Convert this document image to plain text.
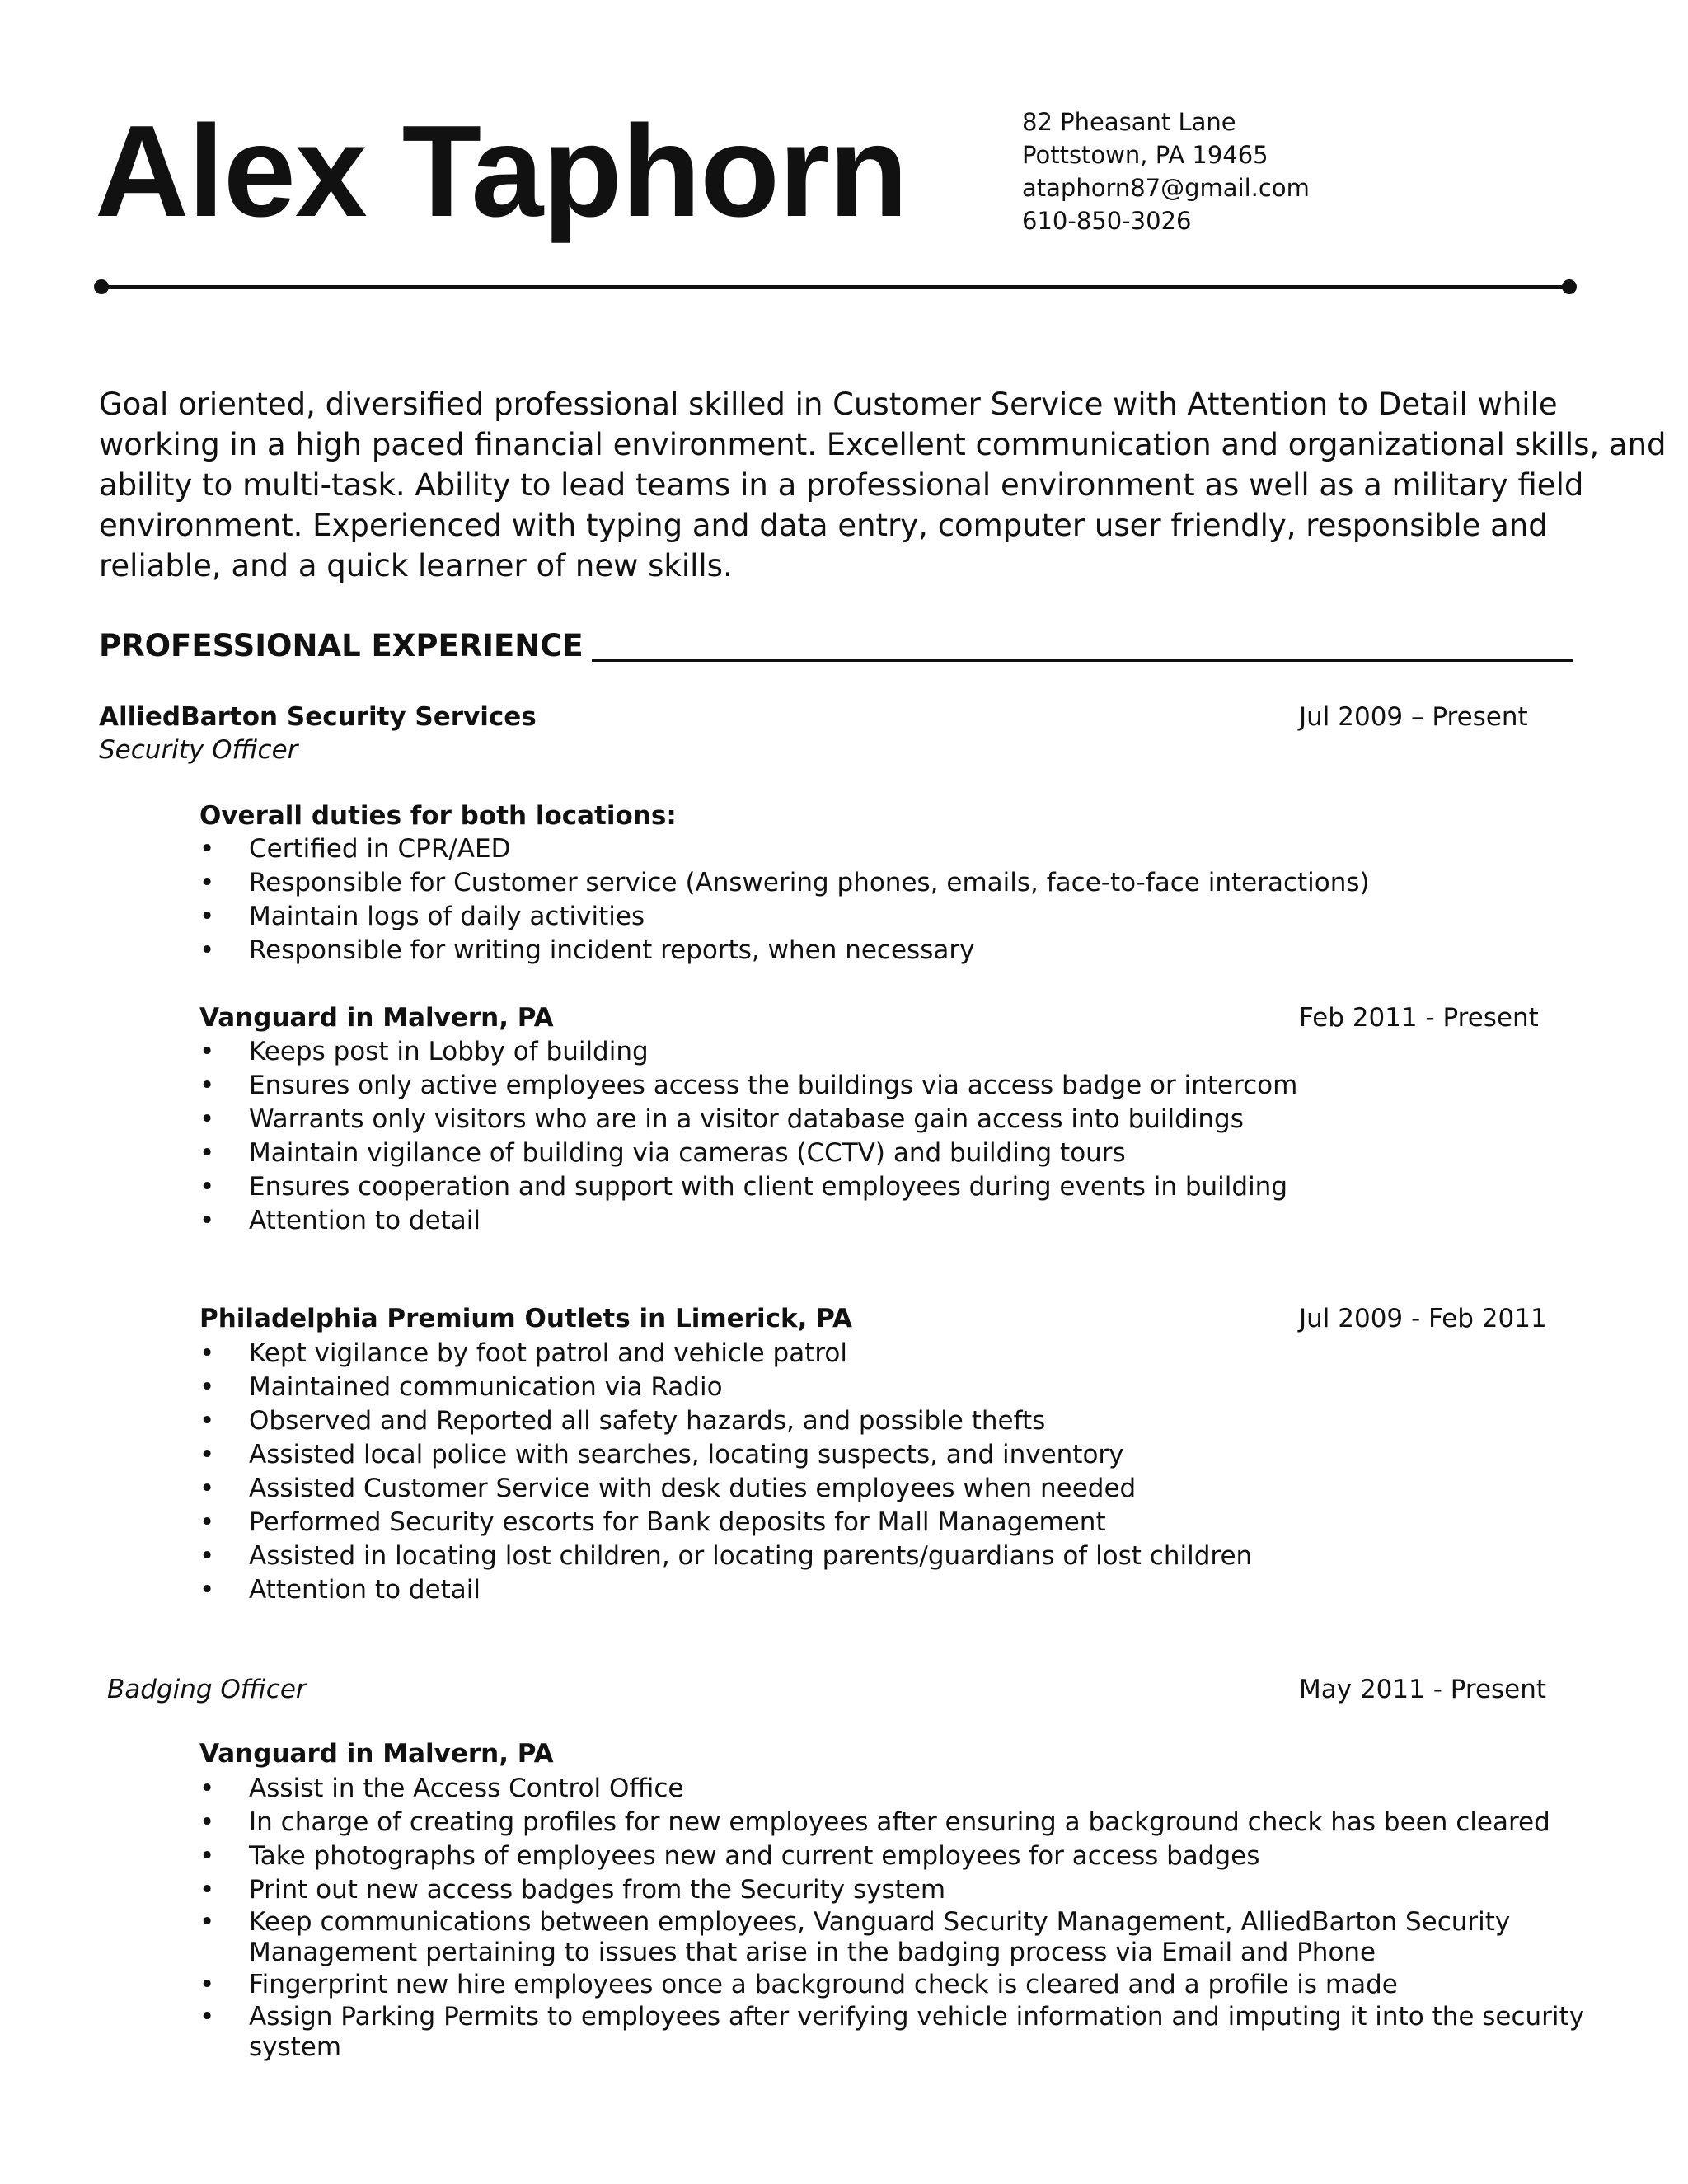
Alex Taphorn	82 Pheasant Lane
Pottstown, PA 19465
ataphorn87@gmail.com
610-850-3026
Goal oriented, diversified professional skilled in Customer Service with Attention to Detail while
working in a high paced financial environment. Excellent communication and organizational skills, and
ability to multi-task. Ability to lead teams in a professional environment as well as a military field
environment. Experienced with typing and data entry, computer user friendly, responsible and
reliable, and a quick learner of new skills.
PROFESSIONAL EXPERIENCE
AlliedBarton Security Services	Jul 2009 – Present
Security Officer
Overall duties for both locations:
• Certified in CPR/AED
• Responsible for Customer service (Answering phones, emails, face-to-face interactions)
• Maintain logs of daily activities
• Responsible for writing incident reports, when necessary
Vanguard in Malvern, PA	Feb 2011 - Present
• Keeps post in Lobby of building
• Ensures only active employees access the buildings via access badge or intercom
• Warrants only visitors who are in a visitor database gain access into buildings
• Maintain vigilance of building via cameras (CCTV) and building tours
• Ensures cooperation and support with client employees during events in building
• Attention to detail
Philadelphia Premium Outlets in Limerick, PA	Jul 2009 - Feb 2011
• Kept vigilance by foot patrol and vehicle patrol
• Maintained communication via Radio
• Observed and Reported all safety hazards, and possible thefts
• Assisted local police with searches, locating suspects, and inventory
• Assisted Customer Service with desk duties employees when needed
• Performed Security escorts for Bank deposits for Mall Management
• Assisted in locating lost children, or locating parents/guardians of lost children
• Attention to detail
Badging Officer	May 2011 - Present
Vanguard in Malvern, PA
• Assist in the Access Control Office
• In charge of creating profiles for new employees after ensuring a background check has been cleared
• Take photographs of employees new and current employees for access badges
• Print out new access badges from the Security system
• Keep communications between employees, Vanguard Security Management, AlliedBarton Security
Management pertaining to issues that arise in the badging process via Email and Phone
• Fingerprint new hire employees once a background check is cleared and a profile is made
• Assign Parking Permits to employees after verifying vehicle information and imputing it into the security
system
